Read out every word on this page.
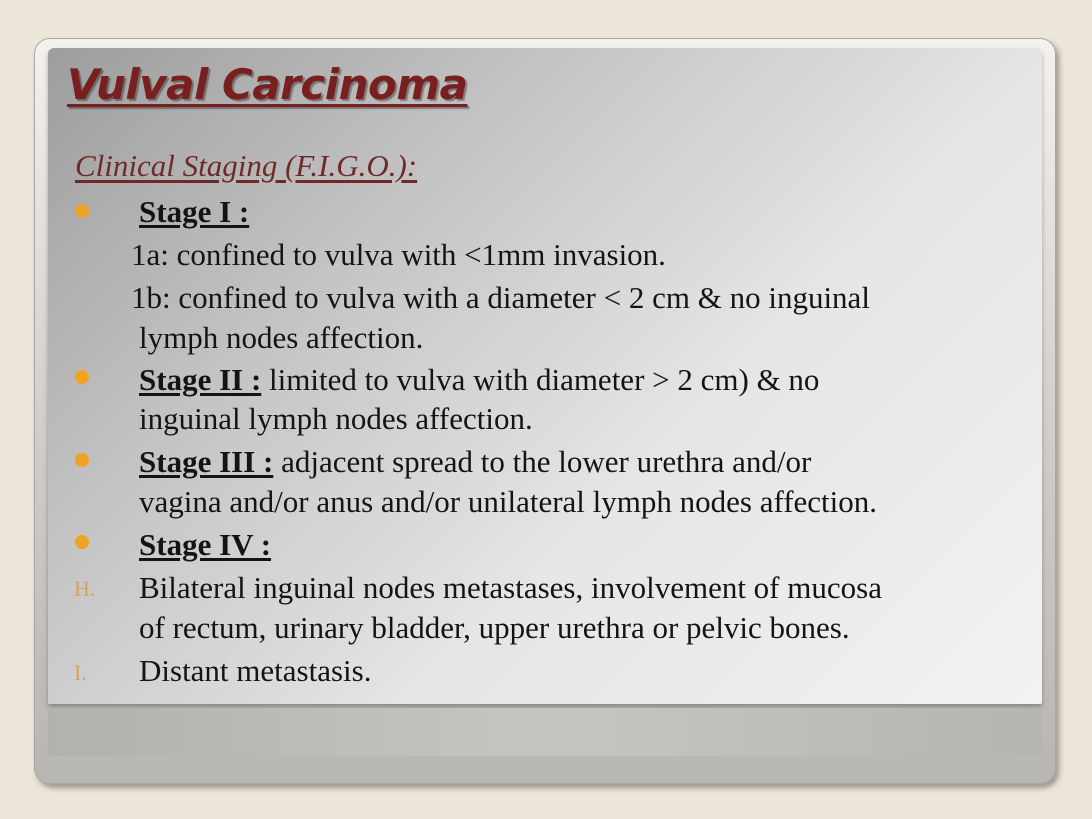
Vulval Carcinoma
Clinical Staging (F.I.G.O.):
Stage I :
1a: confined to vulva with <1mm invasion.
1b: confined to vulva with a diameter < 2 cm & no inguinal
lymph nodes affection.
Stage II : limited to vulva with diameter > 2 cm) & no
inguinal lymph nodes affection.
Stage III : adjacent spread to the lower urethra and/or
vagina and/or anus and/or unilateral lymph nodes affection.
Stage IV :
H. Bilateral inguinal nodes metastases, involvement of mucosa
of rectum, urinary bladder, upper urethra or pelvic bones.
I. Distant metastasis.
